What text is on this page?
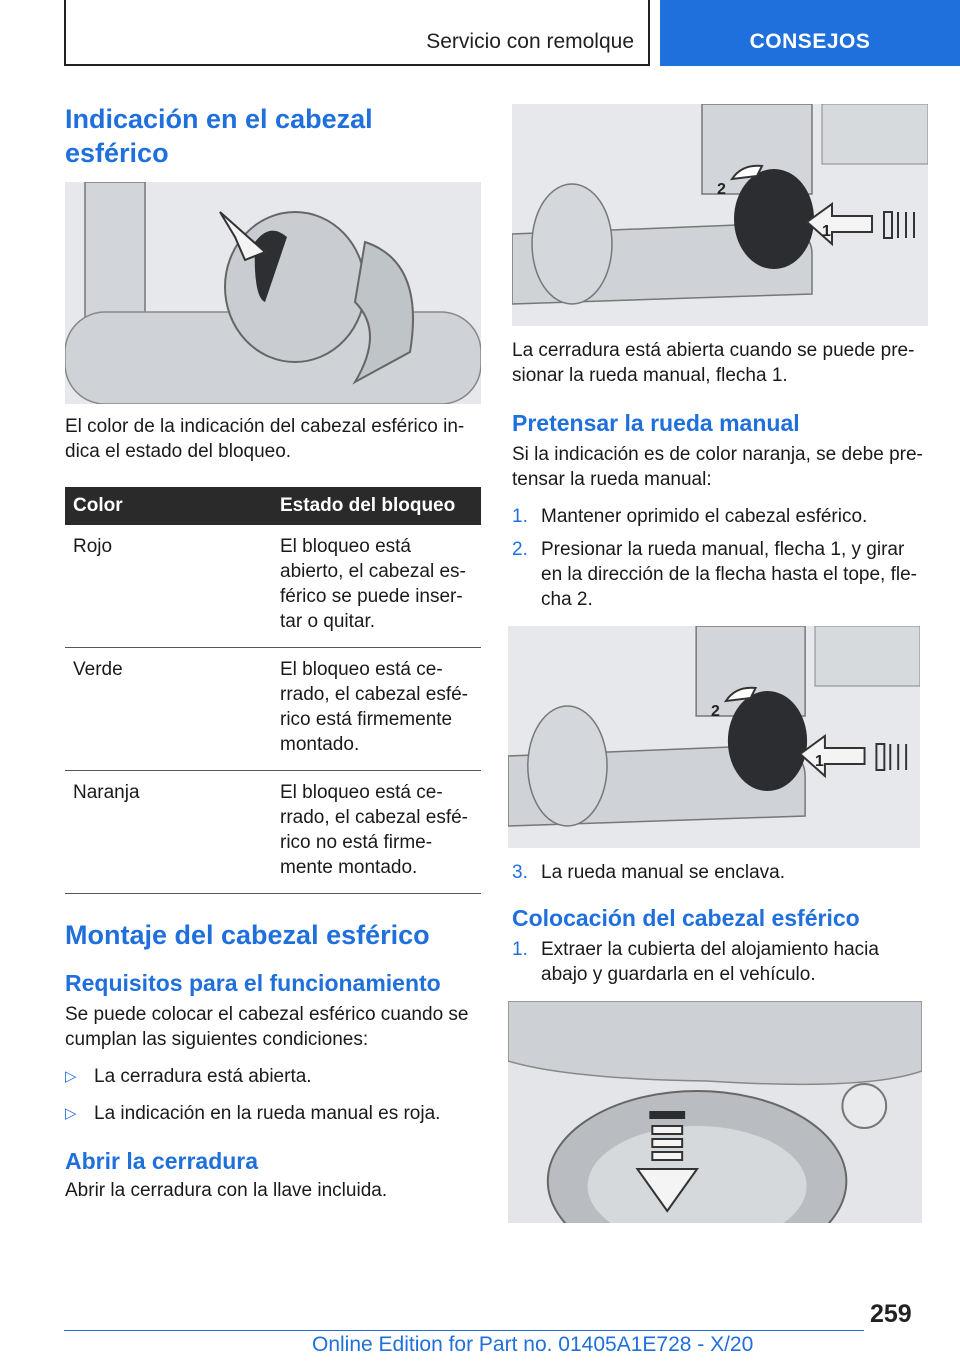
Servicio con remolque	CONSEJOS
Indicación en el cabezal esférico

El color de la indicación del cabezal esférico in-dica el estado del bloqueo.

Color	Estado del bloqueo
Rojo	El bloqueo está abierto, el cabezal es-férico se puede inser-tar o quitar.
Verde	El bloqueo está ce-rrado, el cabezal esfé-rico está firmemente montado.
Naranja	El bloqueo está ce-rrado, el cabezal esfé-rico no está firme-mente montado.
Montaje del cabezal esférico
Requisitos para el funcionamiento

Se puede colocar el cabezal esférico cuando se cumplan las siguientes condiciones:

▷ La cerradura está abierta.
▷ La indicación en la rueda manual es roja.
Abrir la cerradura

Abrir la cerradura con la llave incluida.

1
2

La cerradura está abierta cuando se puede pre-sionar la rueda manual, flecha 1.

Pretensar la rueda manual

Si la indicación es de color naranja, se debe pre-tensar la rueda manual:

1. Mantener oprimido el cabezal esférico.
2. Presionar la rueda manual, flecha 1, y girar en la dirección de la flecha hasta el tope, fle-cha 2.
1
2
3. La rueda manual se enclava.
Colocación del cabezal esférico
1. Extraer la cubierta del alojamiento hacia abajo y guardarla en el vehículo.
259
Online Edition for Part no. 01405A1E728 - X/20
